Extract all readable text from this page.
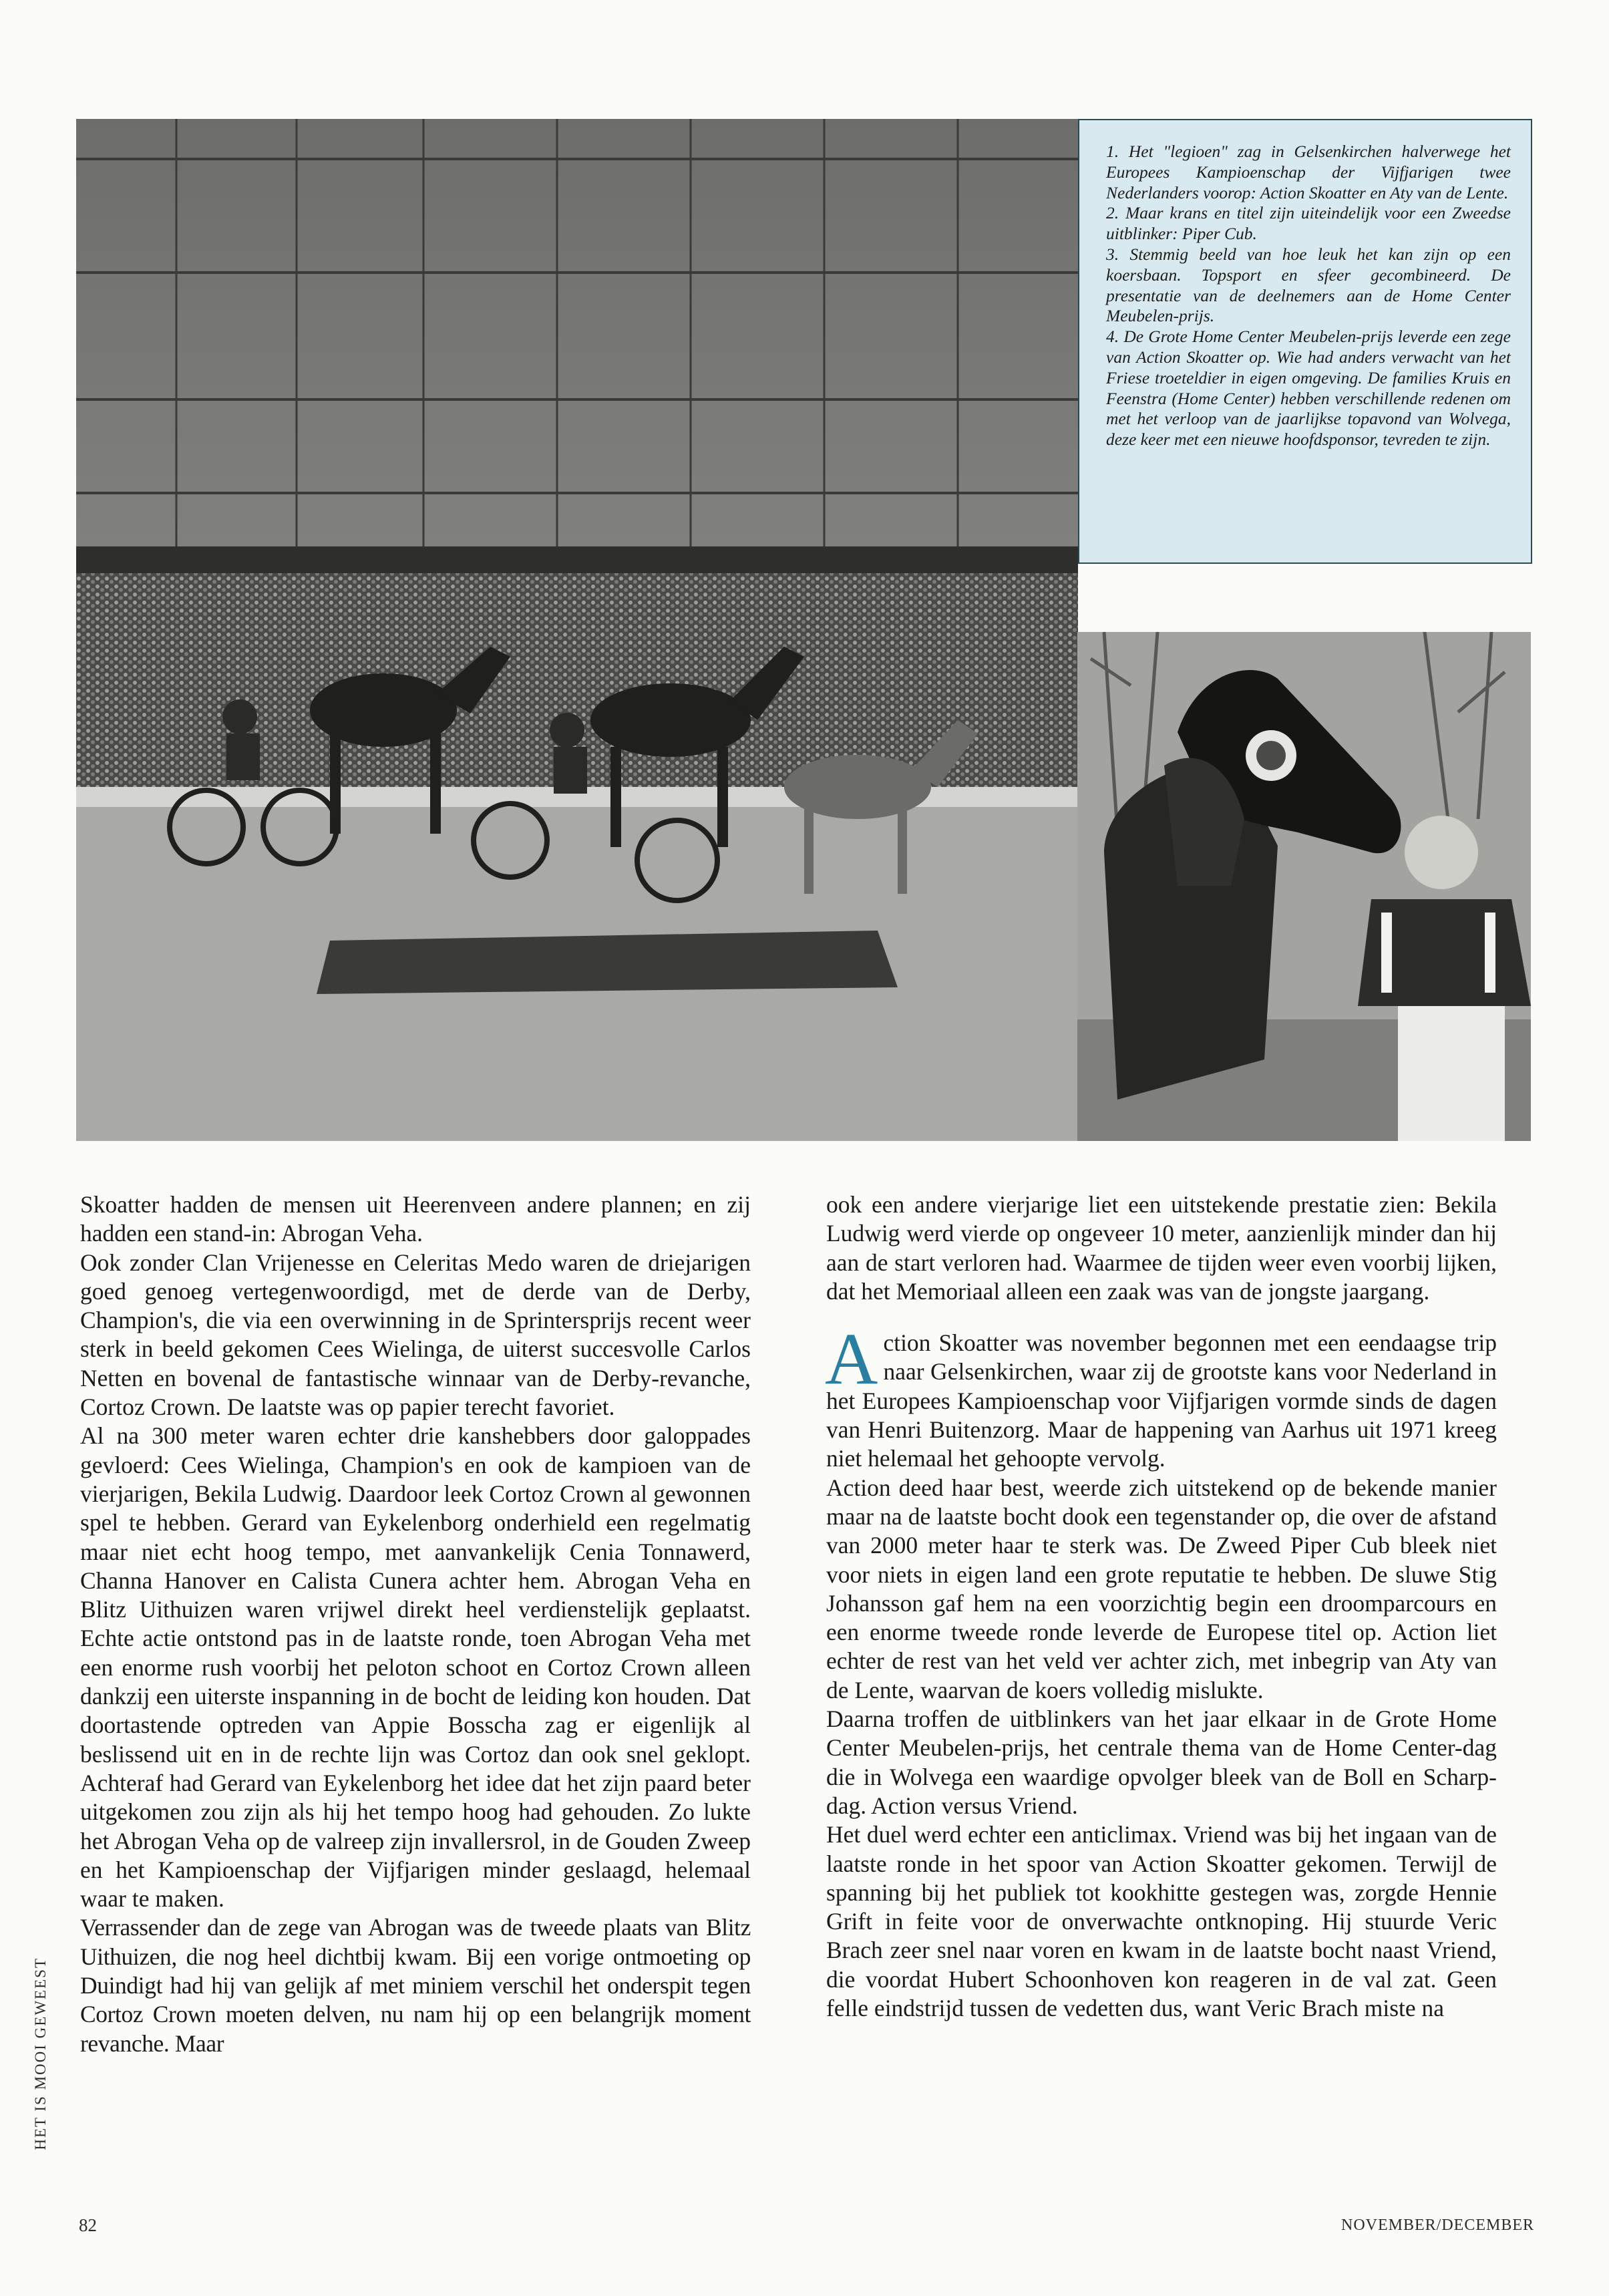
1. Het "legioen" zag in Gelsenkirchen halverwege het Europees Kampioenschap der Vijfjarigen twee Nederlanders voorop: Action Skoatter en Aty van de Lente.

2. Maar krans en titel zijn uiteindelijk voor een Zweedse uitblinker: Piper Cub.

3. Stemmig beeld van hoe leuk het kan zijn op een koersbaan. Topsport en sfeer gecombineerd. De presentatie van de deelnemers aan de Home Center Meubelen-prijs.

4. De Grote Home Center Meubelen-prijs leverde een zege van Action Skoatter op. Wie had anders verwacht van het Friese troeteldier in eigen omgeving. De families Kruis en Feenstra (Home Center) hebben verschillende redenen om met het verloop van de jaarlijkse topavond van Wolvega, deze keer met een nieuwe hoofdsponsor, tevreden te zijn.

Skoatter hadden de mensen uit Heerenveen andere plannen; en zij hadden een stand-in: Abrogan Veha.

Ook zonder Clan Vrijenesse en Celeritas Medo waren de driejarigen goed genoeg vertegenwoordigd, met de derde van de Derby, Champion's, die via een overwinning in de Sprintersprijs recent weer sterk in beeld gekomen Cees Wielinga, de uiterst succesvolle Carlos Netten en bovenal de fantastische winnaar van de Derby-revanche, Cortoz Crown. De laatste was op papier terecht favoriet.

Al na 300 meter waren echter drie kanshebbers door galoppades gevloerd: Cees Wielinga, Champion's en ook de kampioen van de vierjarigen, Bekila Ludwig. Daardoor leek Cortoz Crown al gewonnen spel te hebben. Gerard van Eykelenborg onderhield een regelmatig maar niet echt hoog tempo, met aanvankelijk Cenia Tonnawerd, Channa Hanover en Calista Cunera achter hem. Abrogan Veha en Blitz Uithuizen waren vrijwel direkt heel verdienstelijk geplaatst. Echte actie ontstond pas in de laatste ronde, toen Abrogan Veha met een enorme rush voorbij het peloton schoot en Cortoz Crown alleen dankzij een uiterste inspanning in de bocht de leiding kon houden. Dat doortastende optreden van Appie Bosscha zag er eigenlijk al beslissend uit en in de rechte lijn was Cortoz dan ook snel geklopt. Achteraf had Gerard van Eykelenborg het idee dat het zijn paard beter uitgekomen zou zijn als hij het tempo hoog had gehouden. Zo lukte het Abrogan Veha op de valreep zijn invallersrol, in de Gouden Zweep en het Kampioenschap der Vijfjarigen minder geslaagd, helemaal waar te maken.

Verrassender dan de zege van Abrogan was de tweede plaats van Blitz Uithuizen, die nog heel dichtbij kwam. Bij een vorige ontmoeting op Duindigt had hij van gelijk af met miniem verschil het onderspit tegen Cortoz Crown moeten delven, nu nam hij op een belangrijk moment revanche. Maar

ook een andere vierjarige liet een uitstekende prestatie zien: Bekila Ludwig werd vierde op ongeveer 10 meter, aanzienlijk minder dan hij aan de start verloren had. Waarmee de tijden weer even voorbij lijken, dat het Memoriaal alleen een zaak was van de jongste jaargang.

Action Skoatter was november begonnen met een eendaagse trip naar Gelsenkirchen, waar zij de grootste kans voor Nederland in het Europees Kampioenschap voor Vijfjarigen vormde sinds de dagen van Henri Buitenzorg. Maar de happening van Aarhus uit 1971 kreeg niet helemaal het gehoopte vervolg.

Action deed haar best, weerde zich uitstekend op de bekende manier maar na de laatste bocht dook een tegenstander op, die over de afstand van 2000 meter haar te sterk was. De Zweed Piper Cub bleek niet voor niets in eigen land een grote reputatie te hebben. De sluwe Stig Johansson gaf hem na een voorzichtig begin een droomparcours en een enorme tweede ronde leverde de Europese titel op. Action liet echter de rest van het veld ver achter zich, met inbegrip van Aty van de Lente, waarvan de koers volledig mislukte.

Daarna troffen de uitblinkers van het jaar elkaar in de Grote Home Center Meubelen-prijs, het centrale thema van de Home Center-dag die in Wolvega een waardige opvolger bleek van de Boll en Scharp-dag. Action versus Vriend.

Het duel werd echter een anticlimax. Vriend was bij het ingaan van de laatste ronde in het spoor van Action Skoatter gekomen. Terwijl de spanning bij het publiek tot kookhitte gestegen was, zorgde Hennie Grift in feite voor de onverwachte ontknoping. Hij stuurde Veric Brach zeer snel naar voren en kwam in de laatste bocht naast Vriend, die voordat Hubert Schoonhoven kon reageren in de val zat. Geen felle eindstrijd tussen de vedetten dus, want Veric Brach miste na

HET IS MOOI GEWEEST
82	NOVEMBER/DECEMBER
